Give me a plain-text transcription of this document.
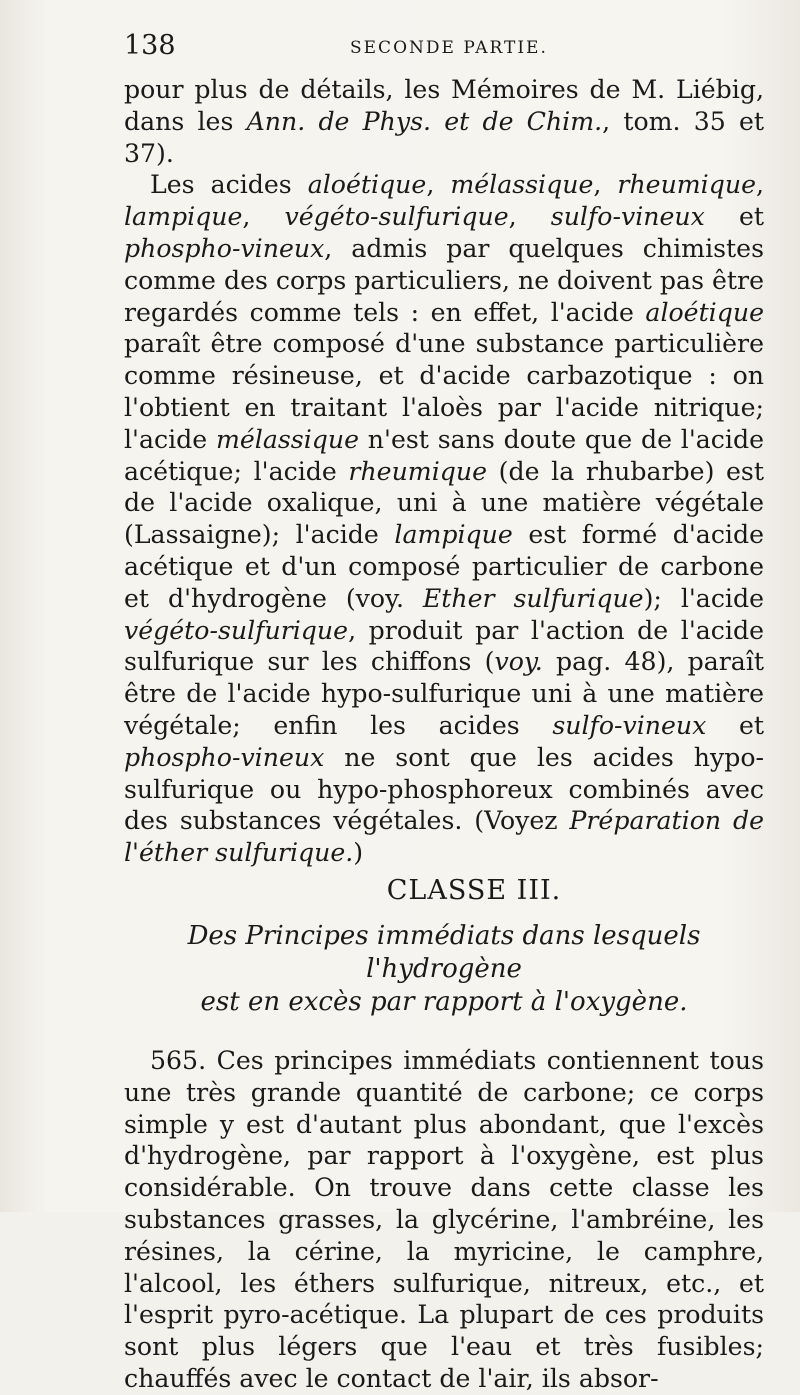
138	SECONDE PARTIE.

pour plus de détails, les Mémoires de M. Liébig, dans les Ann. de Phys. et de Chim., tom. 35 et 37).

Les acides aloétique, mélassique, rheumique, lampique, végéto-sulfurique, sulfo-vineux et phospho-vineux, admis par quelques chimistes comme des corps particuliers, ne doivent pas être regardés comme tels : en effet, l'acide aloétique paraît être composé d'une substance particulière comme résineuse, et d'acide carbazotique : on l'obtient en traitant l'aloès par l'acide nitrique; l'acide mélassique n'est sans doute que de l'acide acétique; l'acide rheumique (de la rhubarbe) est de l'acide oxalique, uni à une matière végétale (Lassaigne); l'acide lampique est formé d'acide acétique et d'un composé particulier de carbone et d'hydrogène (voy. Ether sulfurique); l'acide végéto-sulfurique, produit par l'action de l'acide sulfurique sur les chiffons (voy. pag. 48), paraît être de l'acide hypo-sulfurique uni à une matière végétale; enfin les acides sulfo-vineux et phospho-vineux ne sont que les acides hypo-sulfurique ou hypo-phosphoreux combinés avec des substances végétales. (Voyez Préparation de l'éther sulfurique.)

CLASSE III.
Des Principes immédiats dans lesquels l'hydrogène
est en excès par rapport à l'oxygène.

565. Ces principes immédiats contiennent tous une très grande quantité de carbone; ce corps simple y est d'autant plus abondant, que l'excès d'hydrogène, par rapport à l'oxygène, est plus considérable. On trouve dans cette classe les substances grasses, la glycérine, l'ambréine, les résines, la cérine, la myricine, le camphre, l'alcool, les éthers sulfurique, nitreux, etc., et l'esprit pyro-acétique. La plupart de ces produits sont plus légers que l'eau et très fusibles; chauffés avec le contact de l'air, ils absor-
